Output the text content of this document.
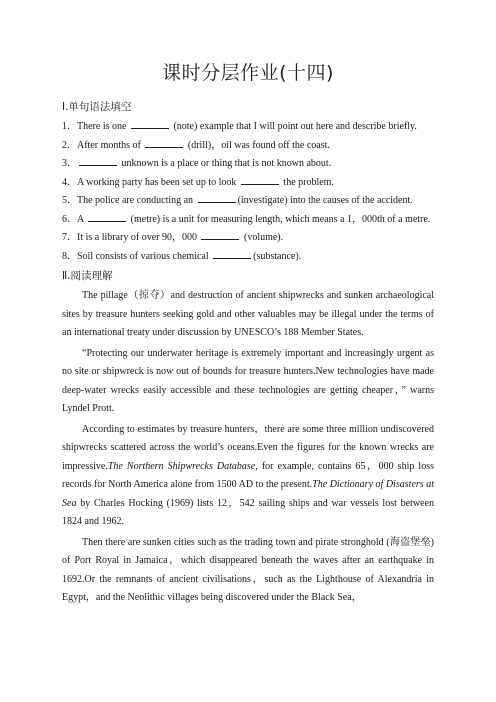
课时分层作业(十四)
Ⅰ.单句语法填空

1．There is one	(note) example that I will point out here and describe briefly.

2．After months of	(drill)，oil was found off the coast.

3．	unknown is a place or thing that is not known about.

4．A working party has been set up to look	the problem.

5．The police are conducting an	(investigate) into the causes of the accident.

6．A	(metre) is a unit for measuring length, which means a 1，000th of a metre.

7．It is a library of over 90，000	(volume).

8．Soil consists of various chemical	(substance).

Ⅱ.阅读理解

The pillage（掠夺）and destruction of ancient shipwrecks and sunken archaeological sites by treasure hunters seeking gold and other valuables may be illegal under the terms of an international treaty under discussion by UNESCO’s 188 Member States.

“Protecting our underwater heritage is extremely important and increasingly urgent as no site or shipwreck is now out of bounds for treasure hunters.New technologies have made deep-water wrecks easily accessible and these technologies are getting cheaper，” warns Lyndel Prott.

According to estimates by treasure hunters，there are some three million undiscovered shipwrecks scattered across the world’s oceans.Even the figures for the known wrecks are impressive.The Northern Shipwrecks Database, for example, contains 65，000 ship loss records for North America alone from 1500 AD to the present.The Dictionary of Disasters at Sea by Charles Hocking (1969) lists 12，542 sailing ships and war vessels lost between 1824 and 1962.

Then there are sunken cities such as the trading town and pirate stronghold (海盗堡垒) of Port Royal in Jamaica，which disappeared beneath the waves after an earthquake in 1692.Or the remnants of ancient civilisations，such as the Lighthouse of Alexandria in Egypt，and the Neolithic villages being discovered under the Black Sea，
